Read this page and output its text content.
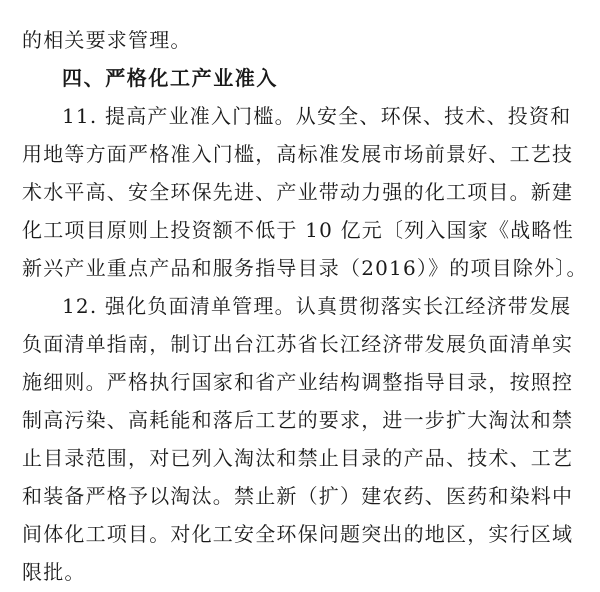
的相关要求管理。
四、严格化工产业准入
11. 提高产业准入门槛。从安全、环保、技术、投资和
用地等方面严格准入门槛，高标准发展市场前景好、工艺技
术水平高、安全环保先进、产业带动力强的化工项目。新建
化工项目原则上投资额不低于 10 亿元〔列入国家《战略性
新兴产业重点产品和服务指导目录（2016）》的项目除外〕。
12. 强化负面清单管理。认真贯彻落实长江经济带发展
负面清单指南，制订出台江苏省长江经济带发展负面清单实
施细则。严格执行国家和省产业结构调整指导目录，按照控
制高污染、高耗能和落后工艺的要求，进一步扩大淘汰和禁
止目录范围，对已列入淘汰和禁止目录的产品、技术、工艺
和装备严格予以淘汰。禁止新（扩）建农药、医药和染料中
间体化工项目。对化工安全环保问题突出的地区，实行区域
限批。
